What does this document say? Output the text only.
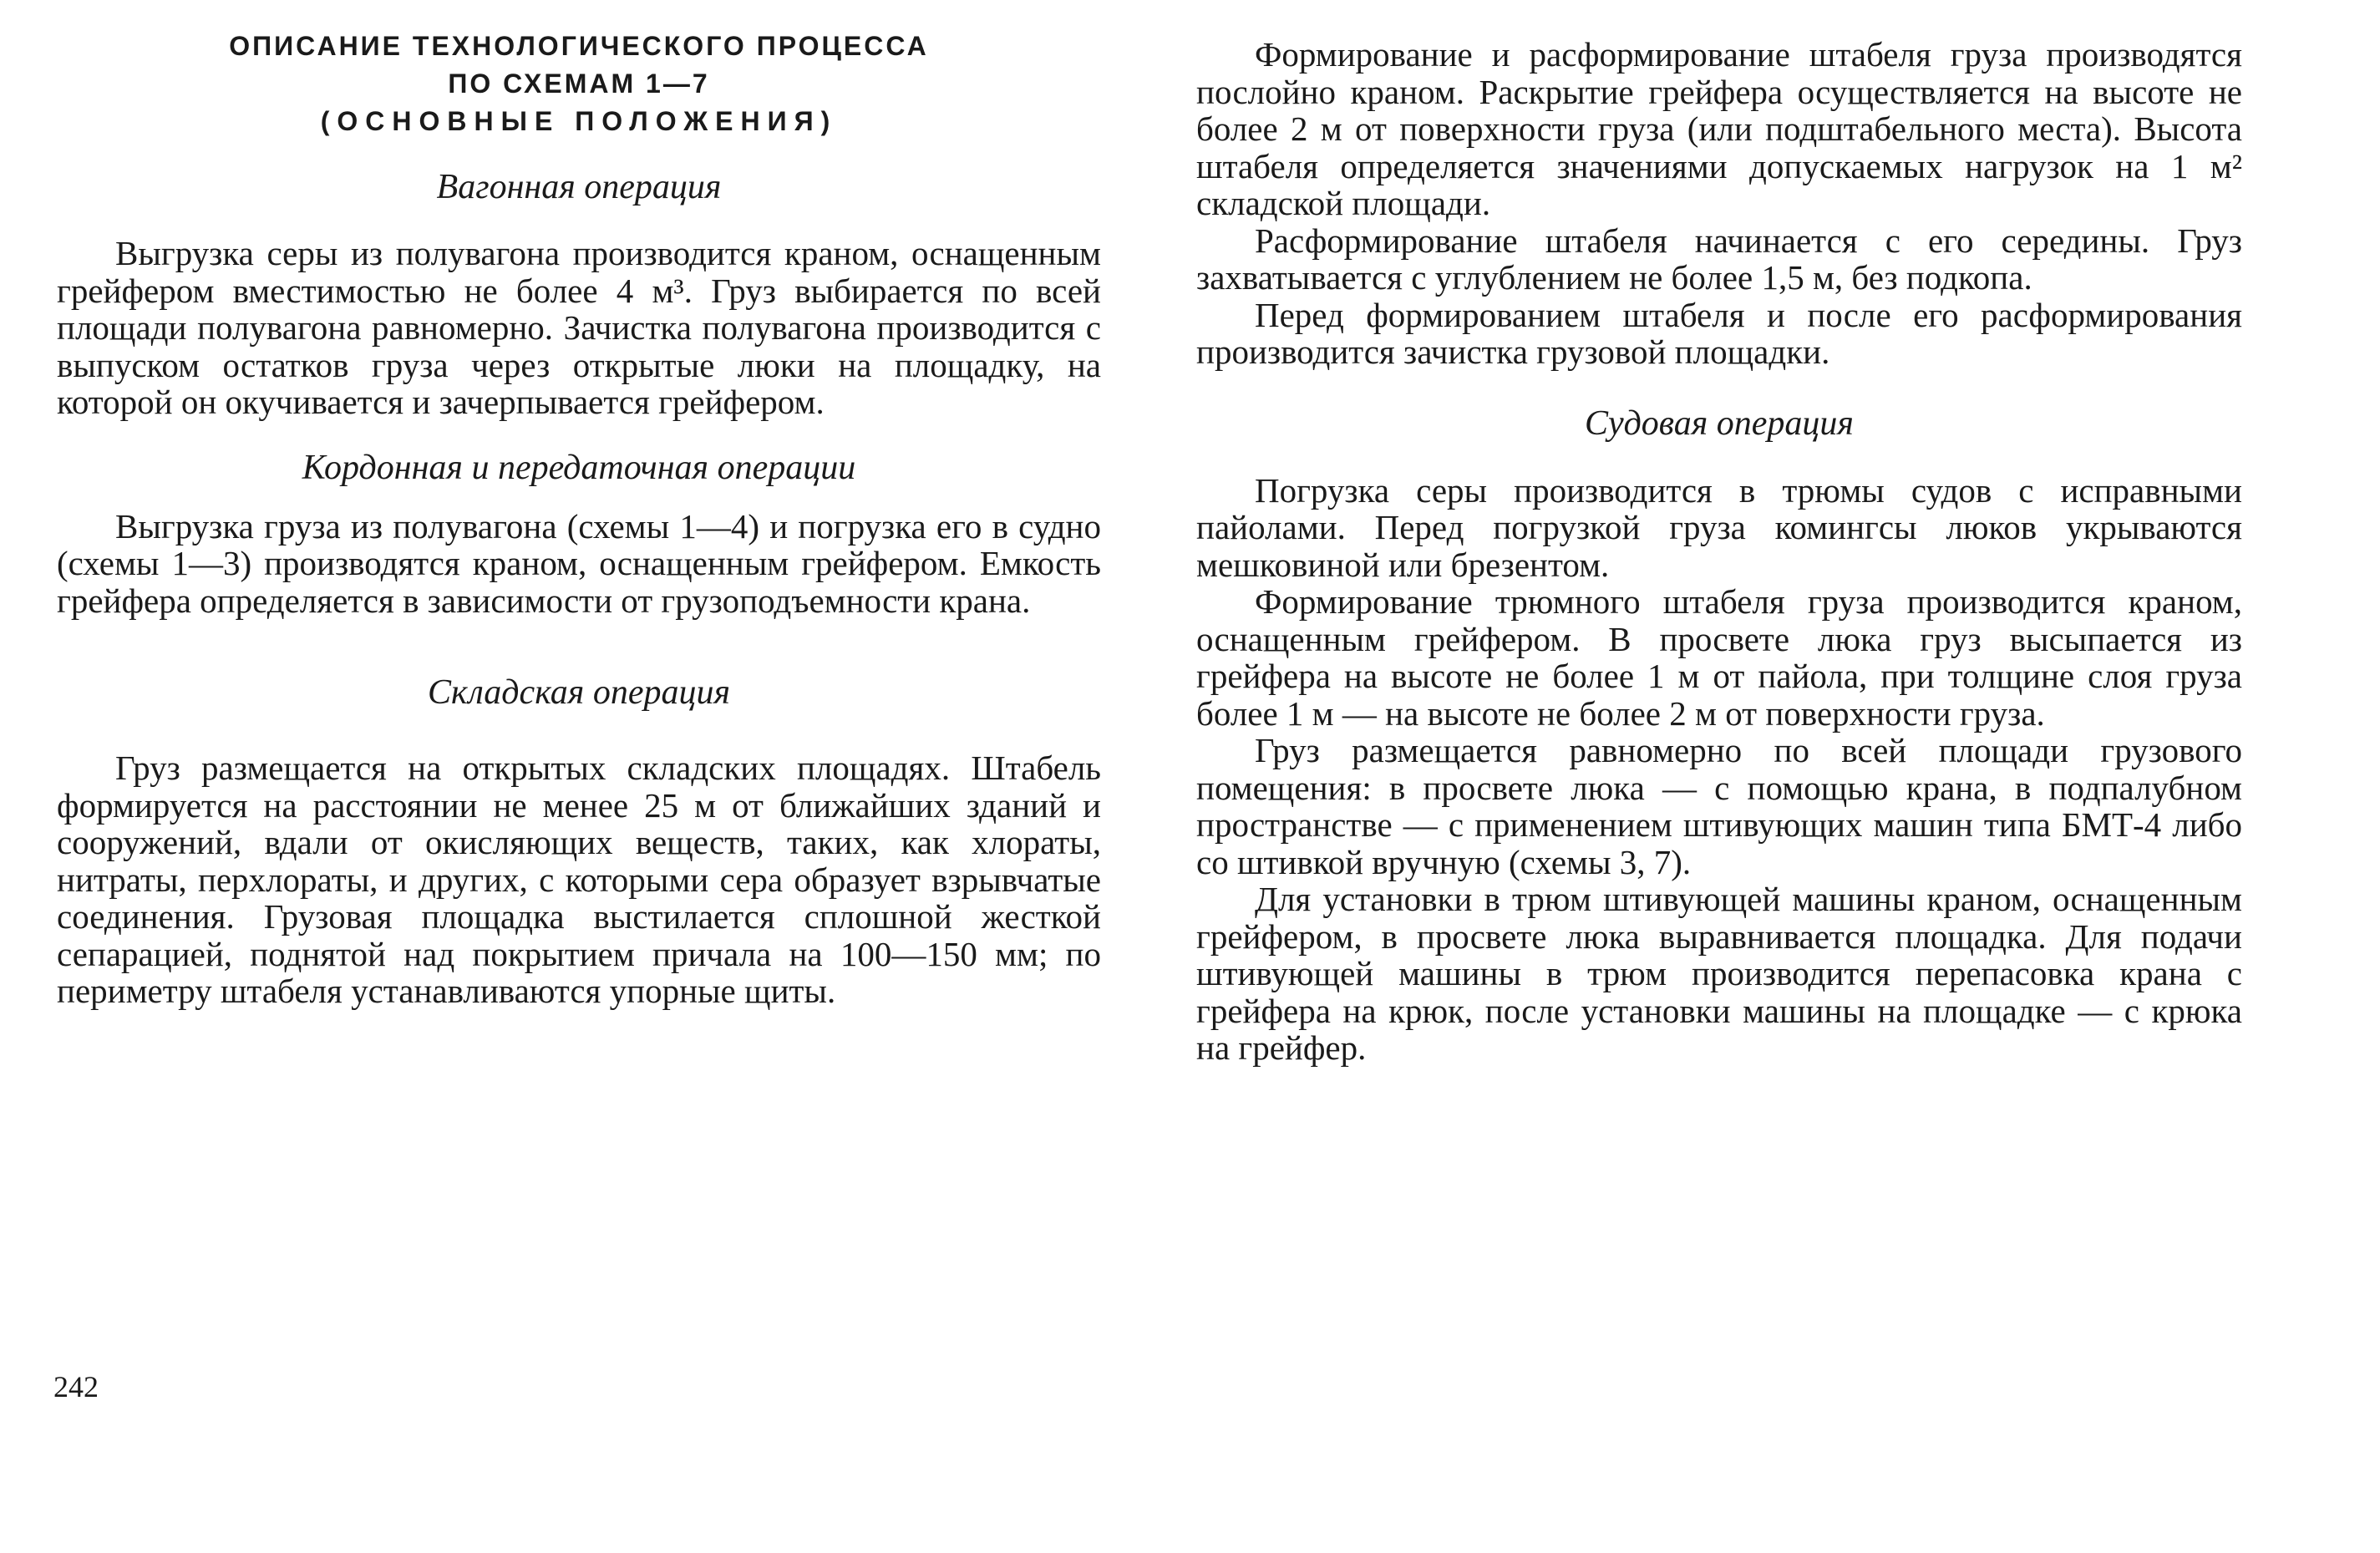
ОПИСАНИЕ ТЕХНОЛОГИЧЕСКОГО ПРОЦЕССА
ПО СХЕМАМ 1—7
(ОСНОВНЫЕ ПОЛОЖЕНИЯ)
Вагонная операция

Выгрузка серы из полувагона производится краном, оснащенным грейфером вместимостью не более 4 м³. Груз выбирается по всей площади полувагона равномерно. Зачистка полувагона производится с выпуском остатков груза через открытые люки на площадку, на которой он окучивается и зачерпывается грейфером.

Кордонная и передаточная операции

Выгрузка груза из полувагона (схемы 1—4) и погрузка его в судно (схемы 1—3) производятся краном, оснащенным грейфером. Емкость грейфера определяется в зависимости от грузоподъемности крана.

Складская операция

Груз размещается на открытых складских площадях. Штабель формируется на расстоянии не менее 25 м от ближайших зданий и сооружений, вдали от окисляющих веществ, таких, как хлораты, нитраты, перхлораты, и других, с которыми сера образует взрывчатые соединения. Грузовая площадка выстилается сплошной жесткой сепарацией, поднятой над покрытием причала на 100—150 мм; по периметру штабеля устанавливаются упорные щиты.

Формирование и расформирование штабеля груза производятся послойно краном. Раскрытие грейфера осуществляется на высоте не более 2 м от поверхности груза (или подштабельного места). Высота штабеля определяется значениями допускаемых нагрузок на 1 м² складской площади.

Расформирование штабеля начинается с его середины. Груз захватывается с углублением не более 1,5 м, без подкопа.

Перед формированием штабеля и после его расформирования производится зачистка грузовой площадки.

Судовая операция

Погрузка серы производится в трюмы судов с исправными пайолами. Перед погрузкой груза комингсы люков укрываются мешковиной или брезентом.

Формирование трюмного штабеля груза производится краном, оснащенным грейфером. В просвете люка груз высыпается из грейфера на высоте не более 1 м от пайола, при толщине слоя груза более 1 м — на высоте не более 2 м от поверхности груза.

Груз размещается равномерно по всей площади грузового помещения: в просвете люка — с помощью крана, в подпалубном пространстве — с применением штивующих машин типа БМТ-4 либо со штивкой вручную (схемы 3, 7).

Для установки в трюм штивующей машины краном, оснащенным грейфером, в просвете люка выравнивается площадка. Для подачи штивующей машины в трюм производится перепасовка крана с грейфера на крюк, после установки машины на площадке — с крюка на грейфер.

242
